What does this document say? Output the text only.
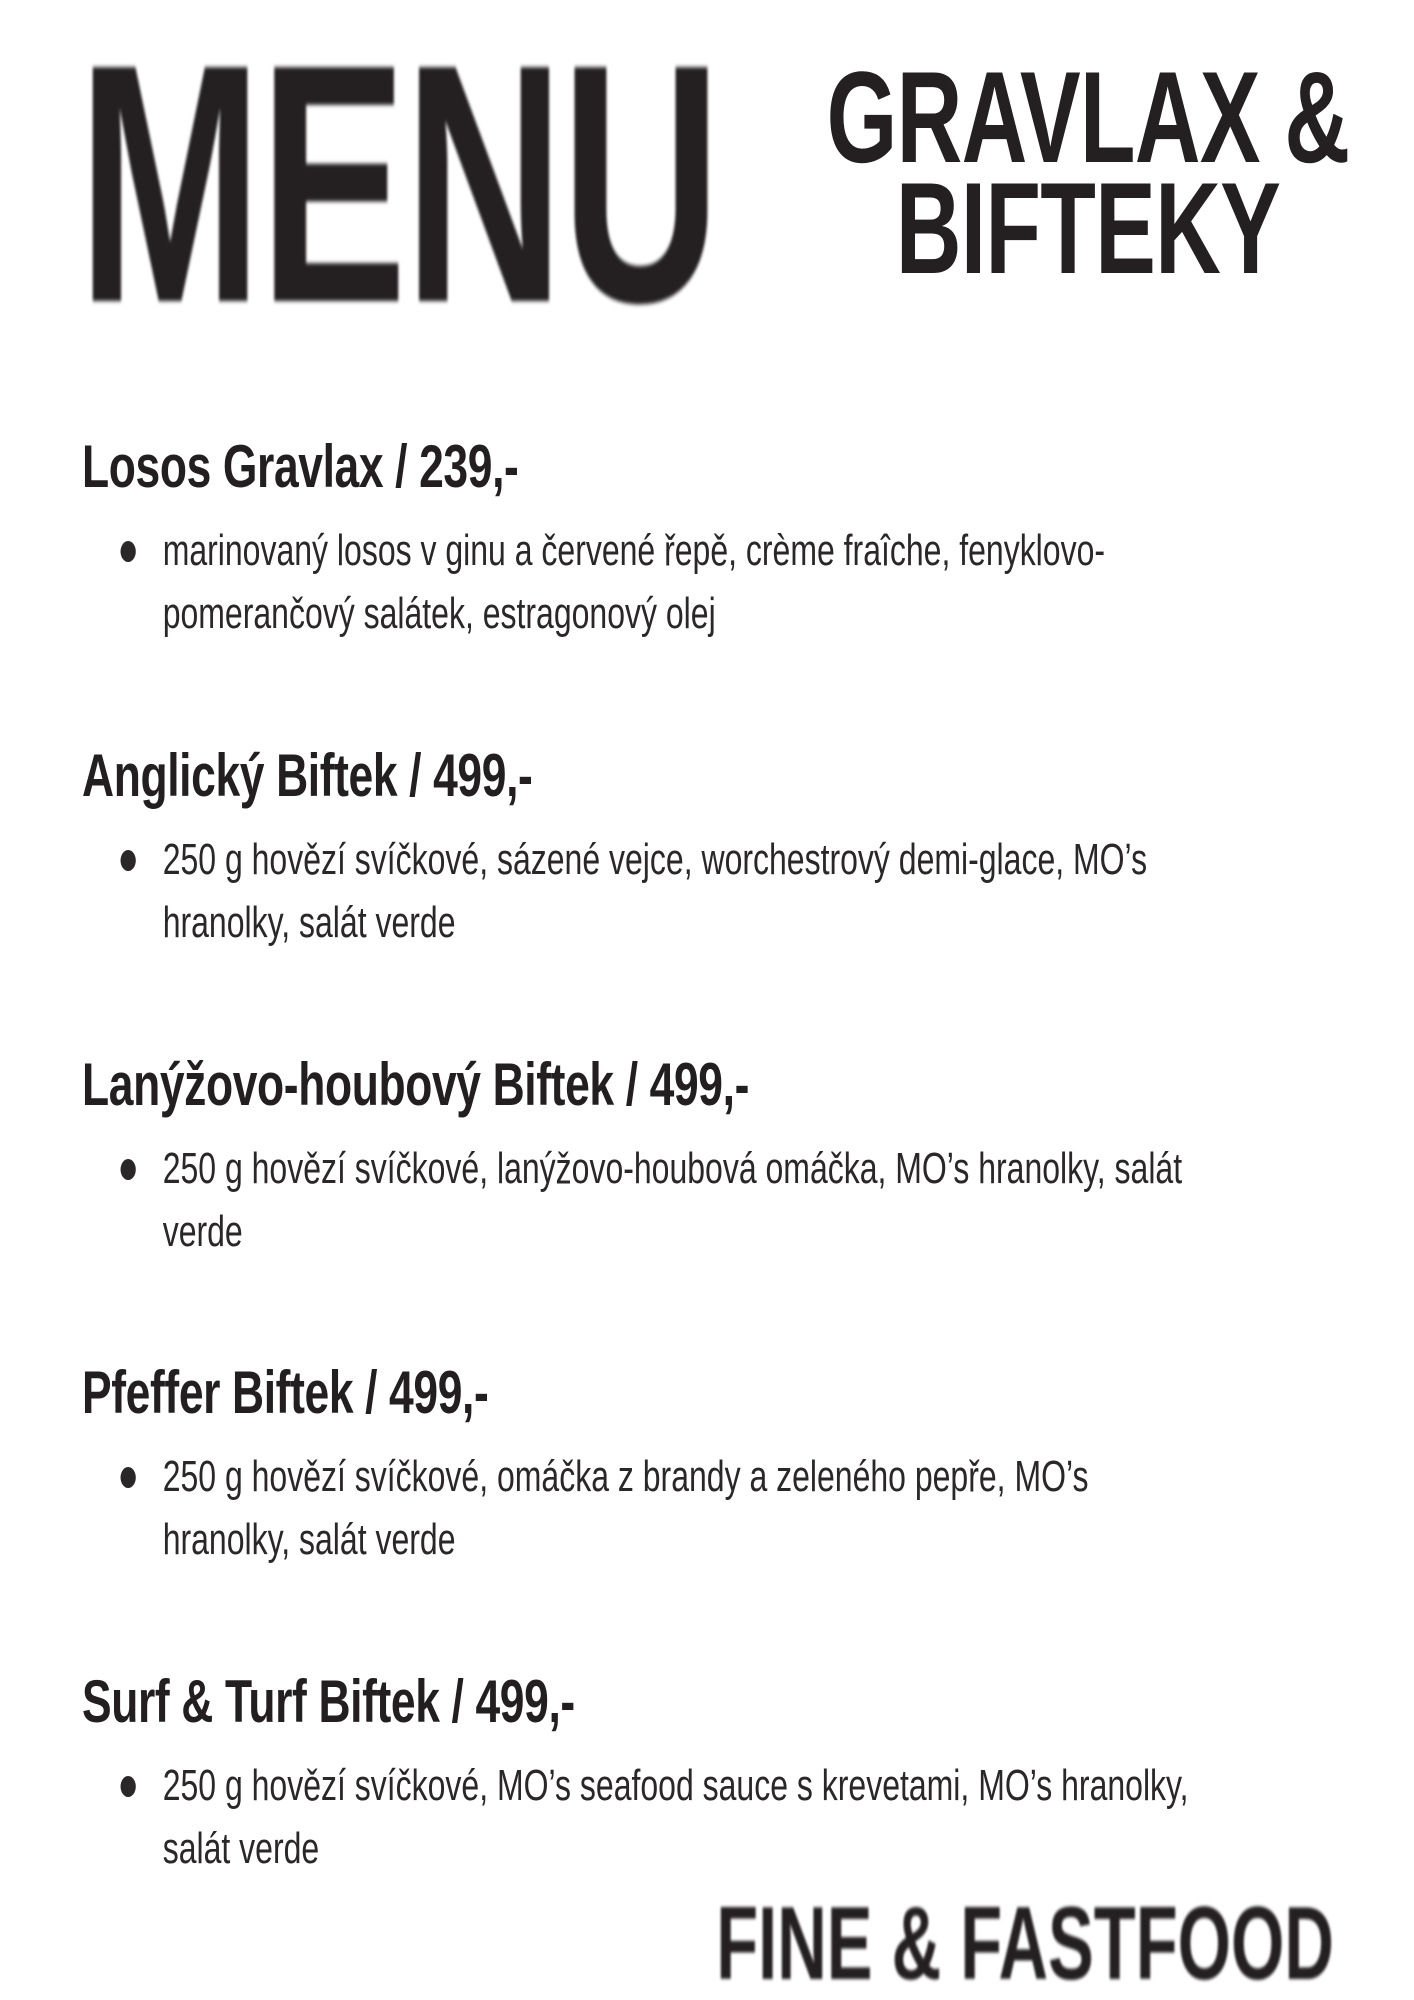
MENU GRAVLAX &
BIFTEKY
Losos Gravlax / 239,-
marinovaný losos v ginu a červené řepě, crème fraîche, fenyklovo-pomerančový salátek, estragonový olej
Anglický Biftek / 499,-
250 g hovězí svíčkové, sázené vejce, worchestrový demi-glace, MO’s hranolky, salát verde
Lanýžovo-houbový Biftek / 499,-
250 g hovězí svíčkové, lanýžovo-houbová omáčka, MO’s hranolky, salát verde
Pfeffer Biftek / 499,-
250 g hovězí svíčkové, omáčka z brandy a zeleného pepře, MO’s hranolky, salát verde
Surf & Turf Biftek / 499,-
250 g hovězí svíčkové, MO’s seafood sauce s krevetami, MO’s hranolky, salát verde
FINE & FASTFOOD
